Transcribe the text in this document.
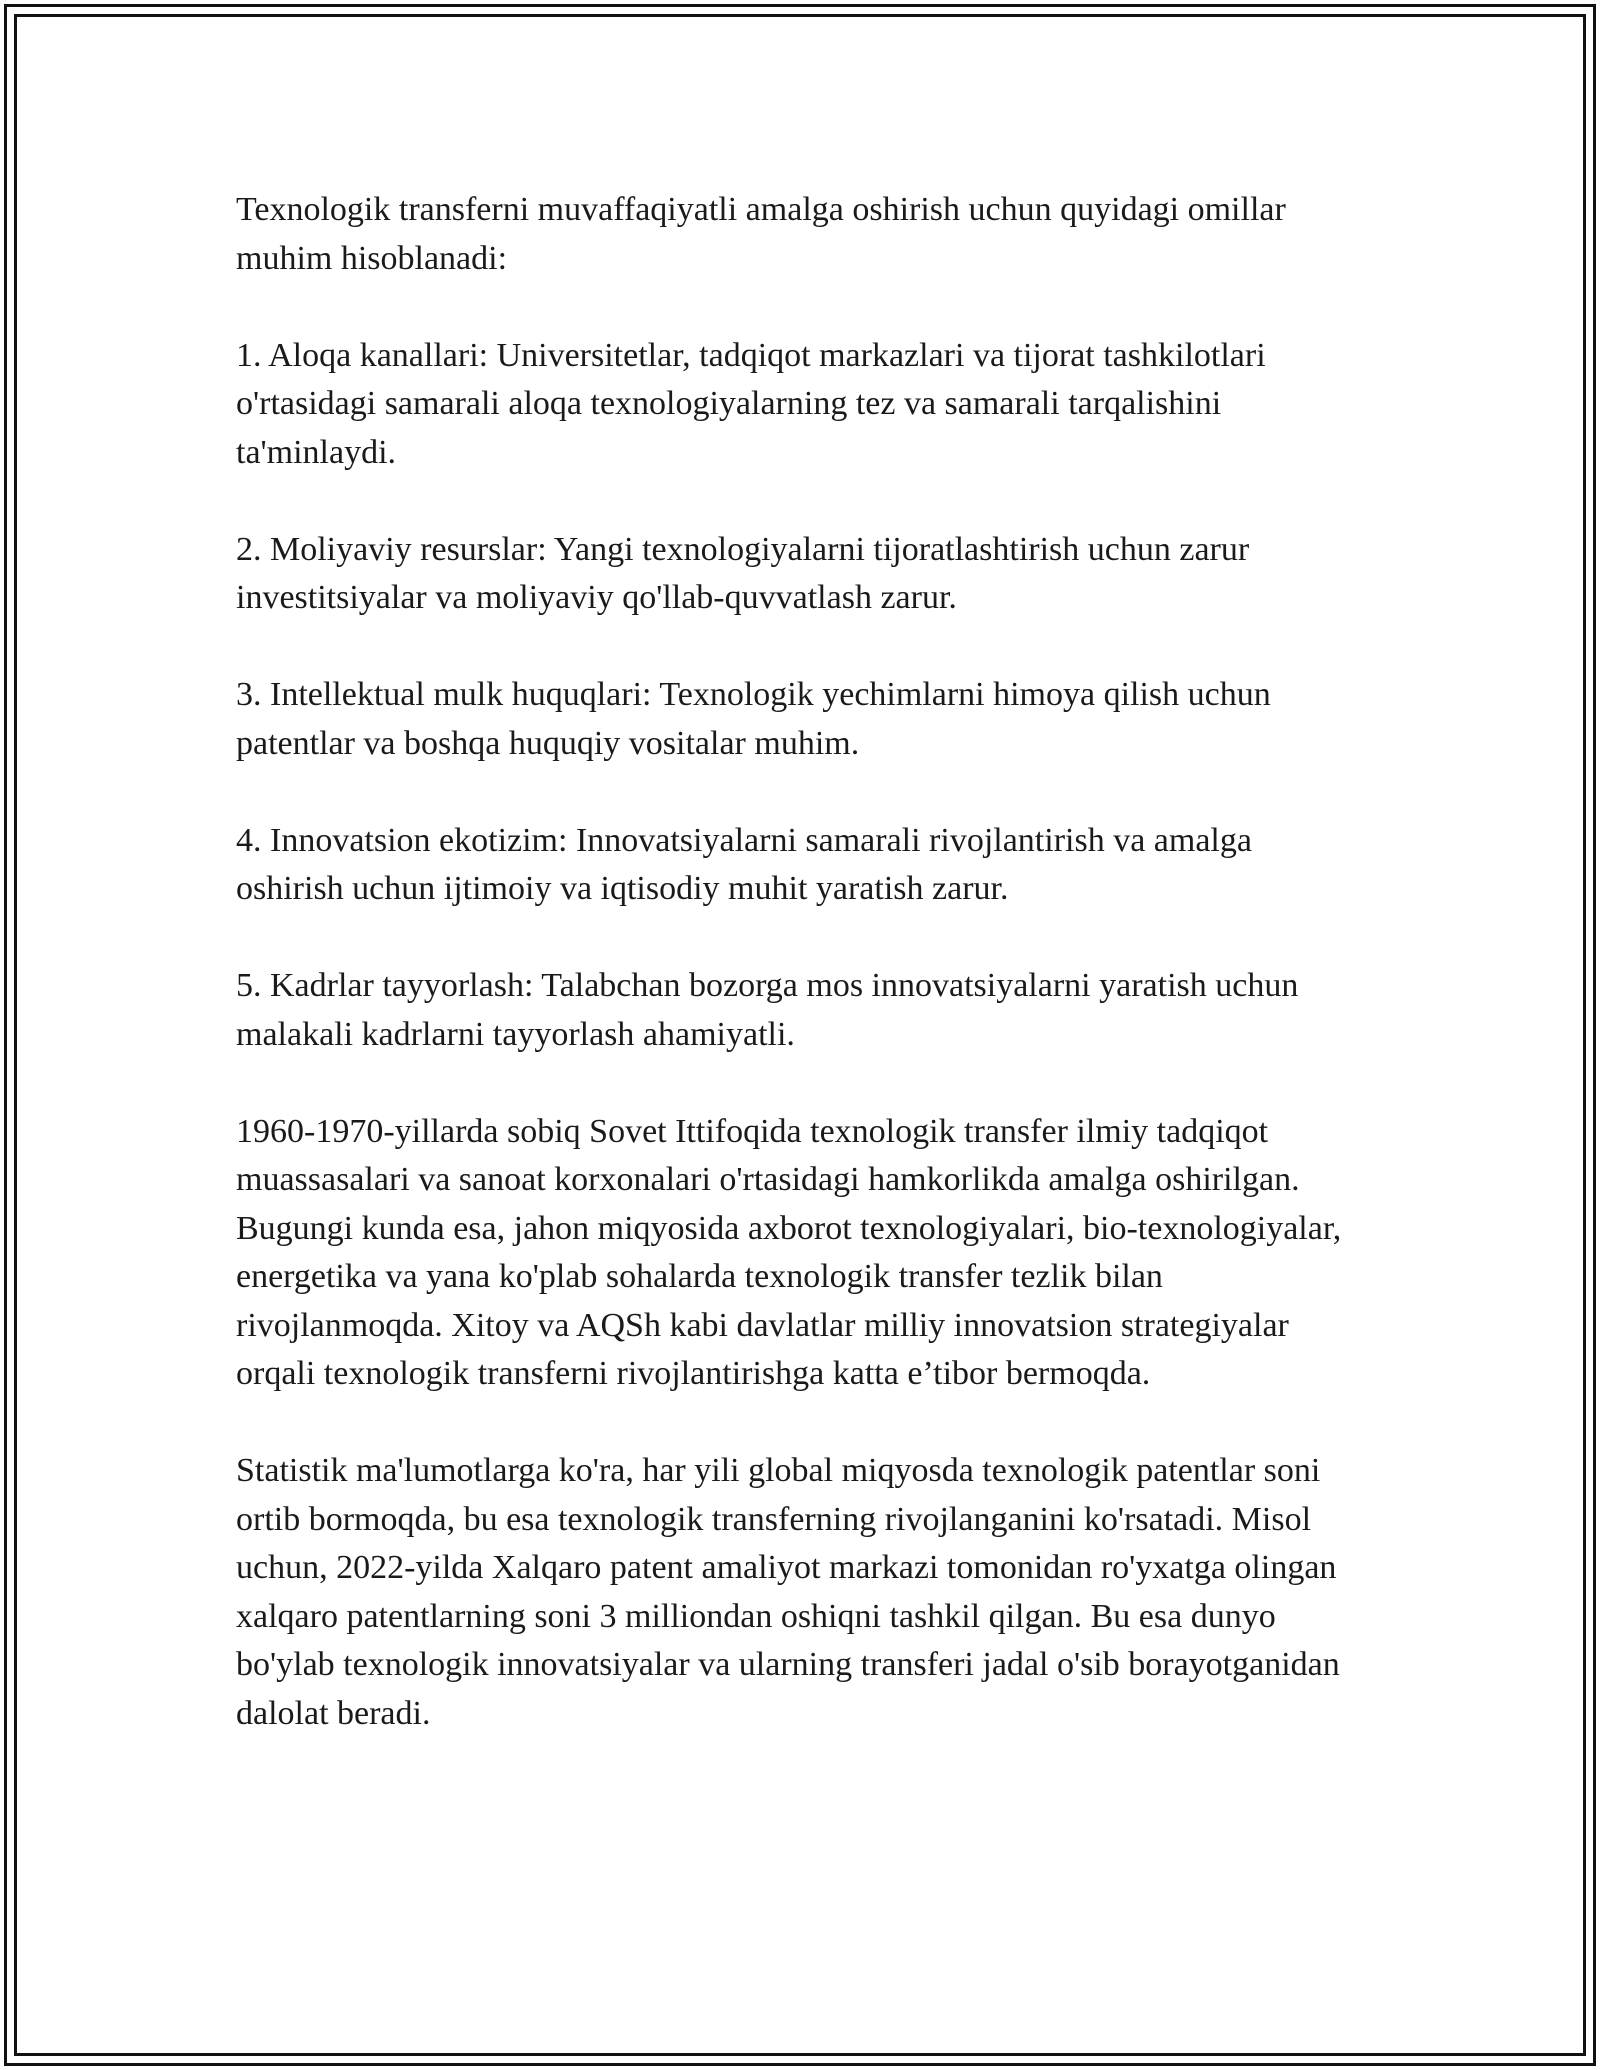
Texnologik transferni muvaffaqiyatli amalga oshirish uchun quyidagi omillar muhim hisoblanadi:

1. Aloqa kanallari: Universitetlar, tadqiqot markazlari va tijorat tashkilotlari o'rtasidagi samarali aloqa texnologiyalarning tez va samarali tarqalishini ta'minlaydi.

2. Moliyaviy resurslar: Yangi texnologiyalarni tijoratlashtirish uchun zarur investitsiyalar va moliyaviy qo'llab-quvvatlash zarur.

3. Intellektual mulk huquqlari: Texnologik yechimlarni himoya qilish uchun patentlar va boshqa huquqiy vositalar muhim.

4. Innovatsion ekotizim: Innovatsiyalarni samarali rivojlantirish va amalga oshirish uchun ijtimoiy va iqtisodiy muhit yaratish zarur.

5. Kadrlar tayyorlash: Talabchan bozorga mos innovatsiyalarni yaratish uchun malakali kadrlarni tayyorlash ahamiyatli.

1960-1970-yillarda sobiq Sovet Ittifoqida texnologik transfer ilmiy tadqiqot muassasalari va sanoat korxonalari o'rtasidagi hamkorlikda amalga oshirilgan. Bugungi kunda esa, jahon miqyosida axborot texnologiyalari, bio-texnologiyalar, energetika va yana ko'plab sohalarda texnologik transfer tezlik bilan rivojlanmoqda. Xitoy va AQSh kabi davlatlar milliy innovatsion strategiyalar orqali texnologik transferni rivojlantirishga katta e’tibor bermoqda.

Statistik ma'lumotlarga ko'ra, har yili global miqyosda texnologik patentlar soni ortib bormoqda, bu esa texnologik transferning rivojlanganini ko'rsatadi. Misol uchun, 2022-yilda Xalqaro patent amaliyot markazi tomonidan ro'yxatga olingan xalqaro patentlarning soni 3 milliondan oshiqni tashkil qilgan. Bu esa dunyo bo'ylab texnologik innovatsiyalar va ularning transferi jadal o'sib borayotganidan dalolat beradi.
